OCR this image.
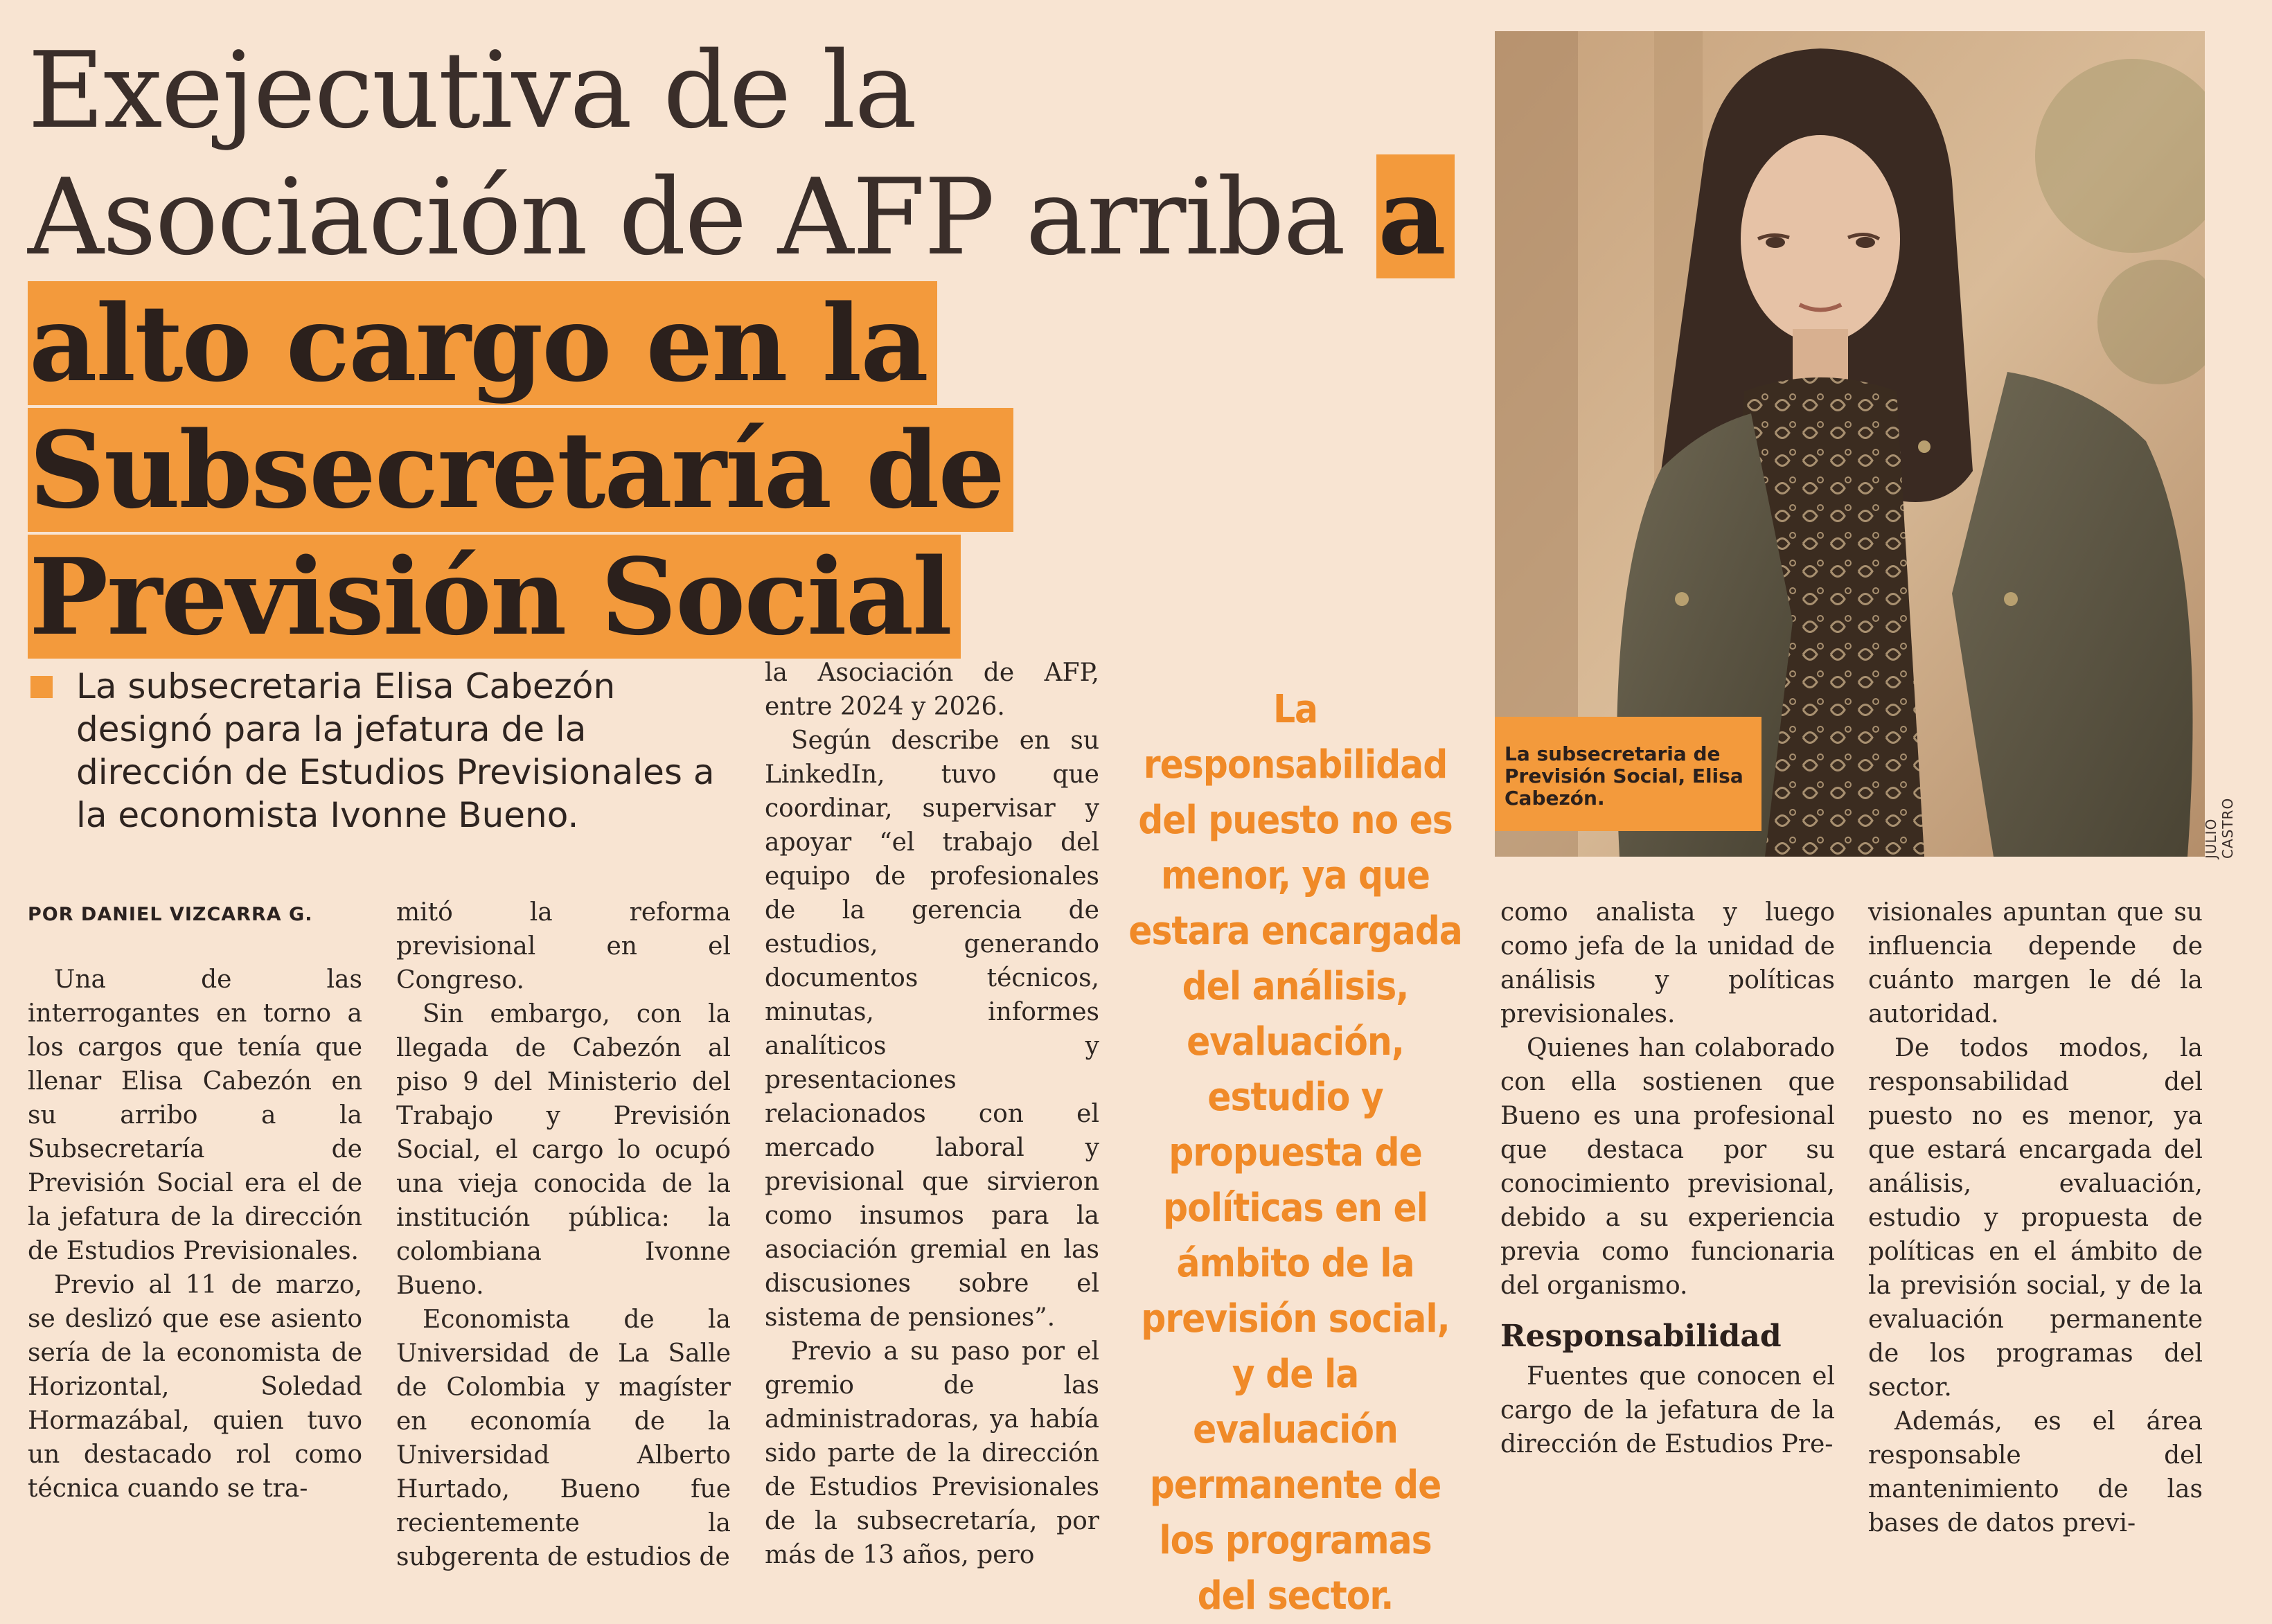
Exejecutiva de la Asociación de AFP arriba a alto cargo en la Subsecretaría de Previsión Social
La subsecretaria Elisa Cabezón designó para la jefatura de la dirección de Estudios Previsionales a la economista Ivonne Bueno.
POR DANIEL VIZCARRA G.

Una de las interrogantes en torno a los cargos que tenía que llenar Elisa Cabezón en su arribo a la Subsecretaría de Previsión Social era el de la jefatura de la dirección de Estudios Previsionales.

Previo al 11 de marzo, se deslizó que ese asiento sería de la economista de Horizontal, Soledad Hormazábal, quien tuvo un destacado rol como técnica cuando se tra-

mitó la reforma previsional en el Congreso.

Sin embargo, con la llegada de Cabezón al piso 9 del Ministerio del Trabajo y Previsión Social, el cargo lo ocupó una vieja conocida de la institución pública: la colombiana Ivonne Bueno.

Economista de la Universidad de La Salle de Colombia y magíster en economía de la Universidad Alberto Hurtado, Bueno fue recientemente la subgerenta de estudios de

la Asociación de AFP, entre 2024 y 2026.

Según describe en su LinkedIn, tuvo que coordinar, supervisar y apoyar “el trabajo del equipo de profesionales de la gerencia de estudios, generando documentos técnicos, minutas, informes analíticos y presentaciones relacionados con el mercado laboral y previsional que sirvieron como insumos para la asociación gremial en las discusiones sobre el sistema de pensiones”.

Previo a su paso por el gremio de las administradoras, ya había sido parte de la dirección de Estudios Previsionales de la subsecretaría, por más de 13 años, pero

La responsabilidad del puesto no es menor, ya que estara encargada del análisis, evaluación, estudio y propuesta de políticas en el ámbito de la previsión social, y de la evaluación permanente de los programas del sector.
La subsecretaria de Previsión Social, Elisa Cabezón.
JULIO CASTRO

como analista y luego como jefa de la unidad de análisis y políticas previsionales.

Quienes han colaborado con ella sostienen que Bueno es una profesional que destaca por su conocimiento previsional, debido a su experiencia previa como funcionaria del organismo.

Responsabilidad

Fuentes que conocen el cargo de la jefatura de la dirección de Estudios Pre-

visionales apuntan que su influencia depende de cuánto margen le dé la autoridad.

De todos modos, la responsabilidad del puesto no es menor, ya que estará encargada del análisis, evaluación, estudio y propuesta de políticas en el ámbito de la previsión social, y de la evaluación permanente de los programas del sector.

Además, es el área responsable del mantenimiento de las bases de datos previ-
